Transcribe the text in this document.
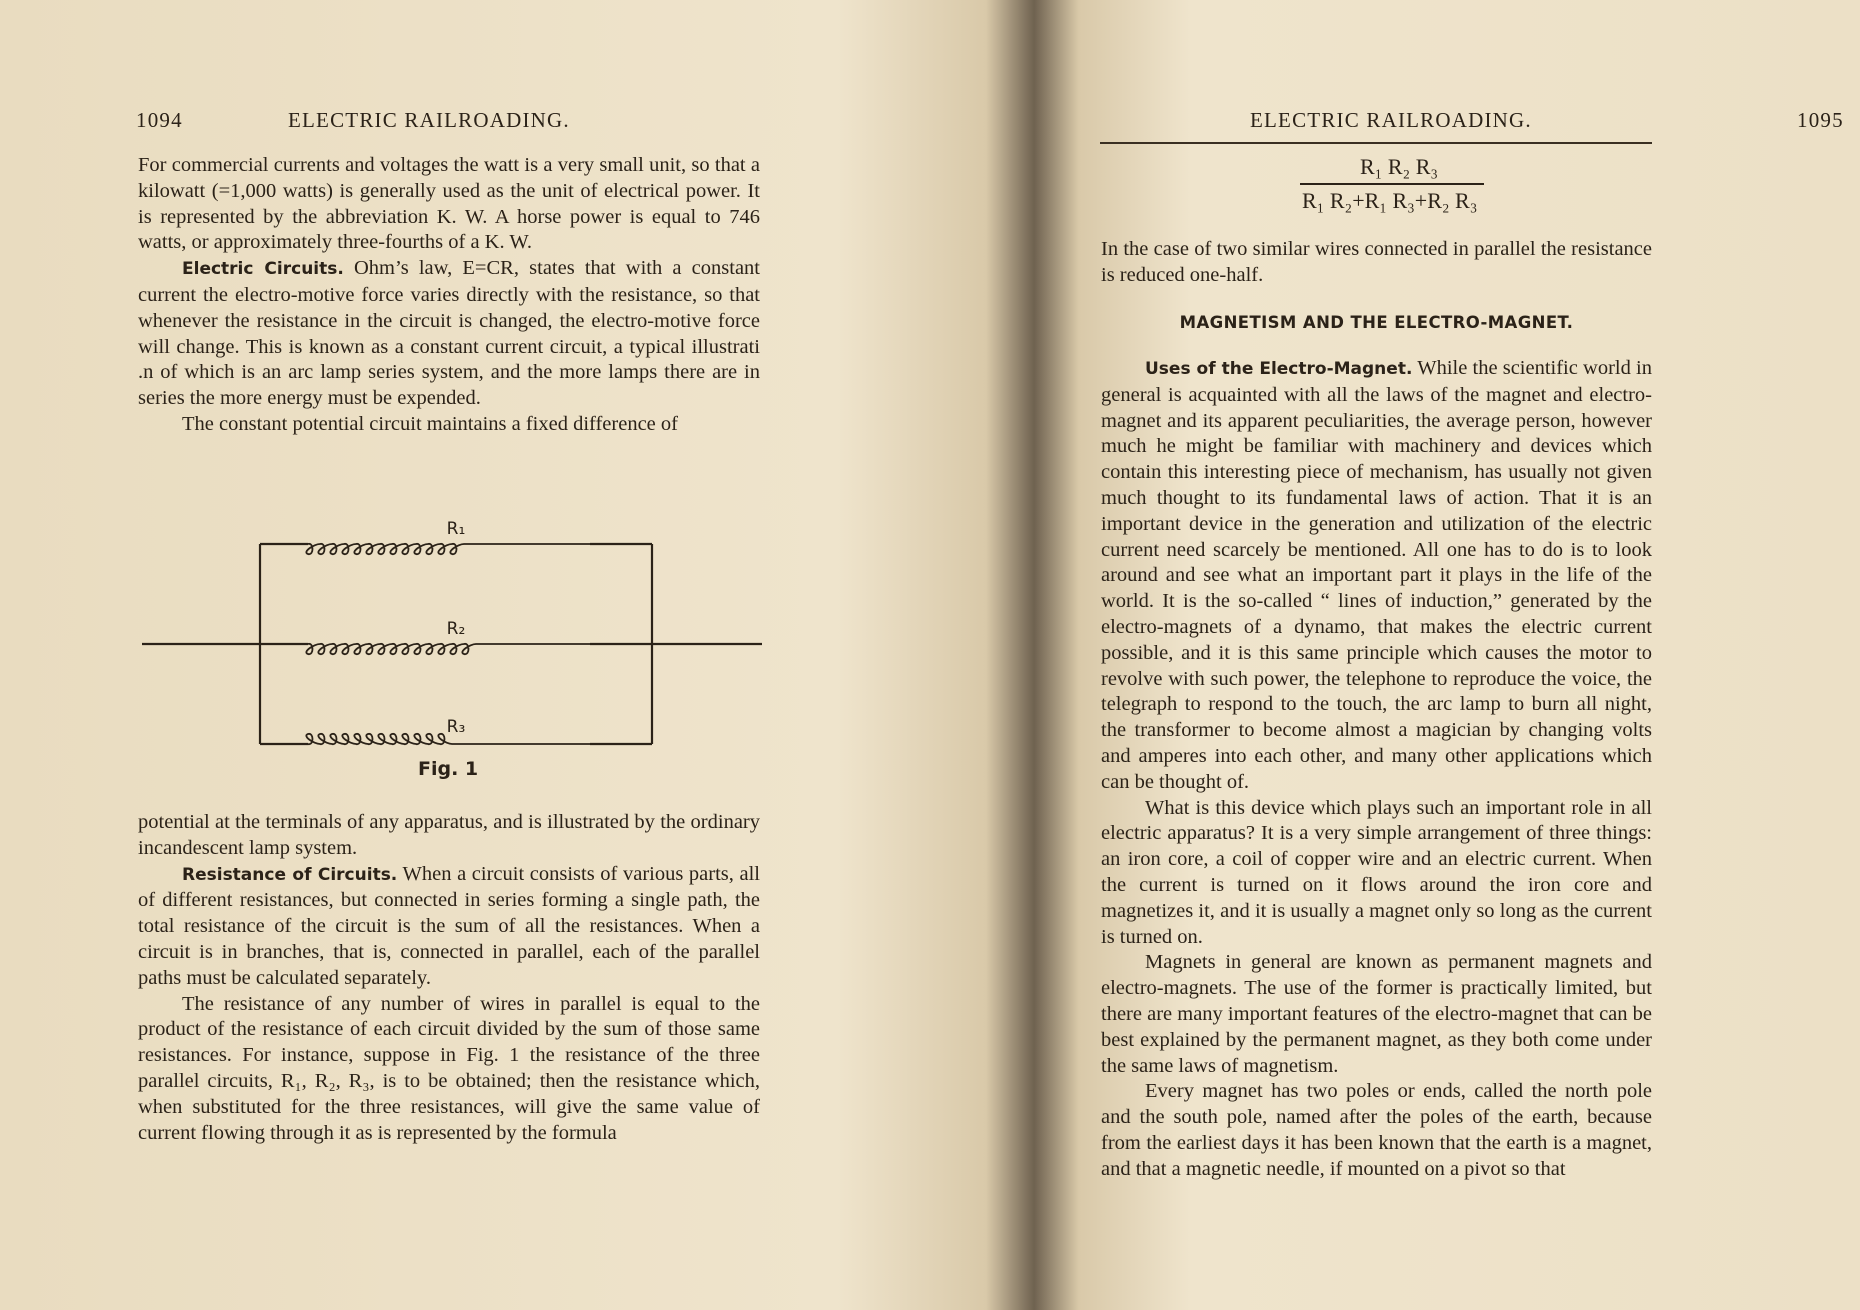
1094	ELECTRIC RAILROADING.

For commercial currents and voltages the watt is a very small unit, so that a kilowatt (=1,000 watts) is generally used as the unit of electrical power. It is represented by the abbreviation K. W. A horse power is equal to 746 watts, or approximately three-fourths of a K. W.

Electric Circuits. Ohm’s law, E=CR, states that with a constant current the electro-motive force varies directly with the resistance, so that whenever the resistance in the circuit is changed, the electro-motive force will change. This is known as a constant current circuit, a typical illustrati .n of which is an arc lamp series system, and the more lamps there are in series the more energy must be expended.

The constant potential circuit maintains a fixed difference of

R₁
R₂
R₃
Fig. 1

potential at the terminals of any apparatus, and is illustrated by the ordinary incandescent lamp system.

Resistance of Circuits. When a circuit consists of various parts, all of different resistances, but connected in series forming a single path, the total resistance of the circuit is the sum of all the resistances. When a circuit is in branches, that is, connected in parallel, each of the parallel paths must be calculated separately.

The resistance of any number of wires in parallel is equal to the product of the resistance of each circuit divided by the sum of those same resistances. For instance, suppose in Fig. 1 the resistance of the three parallel circuits, R₁, R₂, R₃, is to be obtained; then the resistance which, when substituted for the three resistances, will give the same value of current flowing through it as is represented by the formula

ELECTRIC RAILROADING.	1095
R₁ R₂ R₃
R₁ R₂+R₁ R₃+R₂ R₃

In the case of two similar wires connected in parallel the resistance is reduced one-half.

MAGNETISM AND THE ELECTRO-MAGNET.

Uses of the Electro-Magnet. While the scientific world in general is acquainted with all the laws of the magnet and electro-magnet and its apparent peculiarities, the average person, however much he might be familiar with machinery and devices which contain this interesting piece of mechanism, has usually not given much thought to its fundamental laws of action. That it is an important device in the generation and utilization of the electric current need scarcely be mentioned. All one has to do is to look around and see what an important part it plays in the life of the world. It is the so-called “ lines of induction,” generated by the electro-magnets of a dynamo, that makes the electric current possible, and it is this same principle which causes the motor to revolve with such power, the telephone to reproduce the voice, the telegraph to respond to the touch, the arc lamp to burn all night, the transformer to become almost a magician by changing volts and amperes into each other, and many other applications which can be thought of.

What is this device which plays such an important role in all electric apparatus? It is a very simple arrangement of three things: an iron core, a coil of copper wire and an electric current. When the current is turned on it flows around the iron core and magnetizes it, and it is usually a magnet only so long as the current is turned on.

Magnets in general are known as permanent magnets and electro-magnets. The use of the former is practically limited, but there are many important features of the electro-magnet that can be best explained by the permanent magnet, as they both come under the same laws of magnetism.

Every magnet has two poles or ends, called the north pole and the south pole, named after the poles of the earth, because from the earliest days it has been known that the earth is a magnet, and that a magnetic needle, if mounted on a pivot so that
